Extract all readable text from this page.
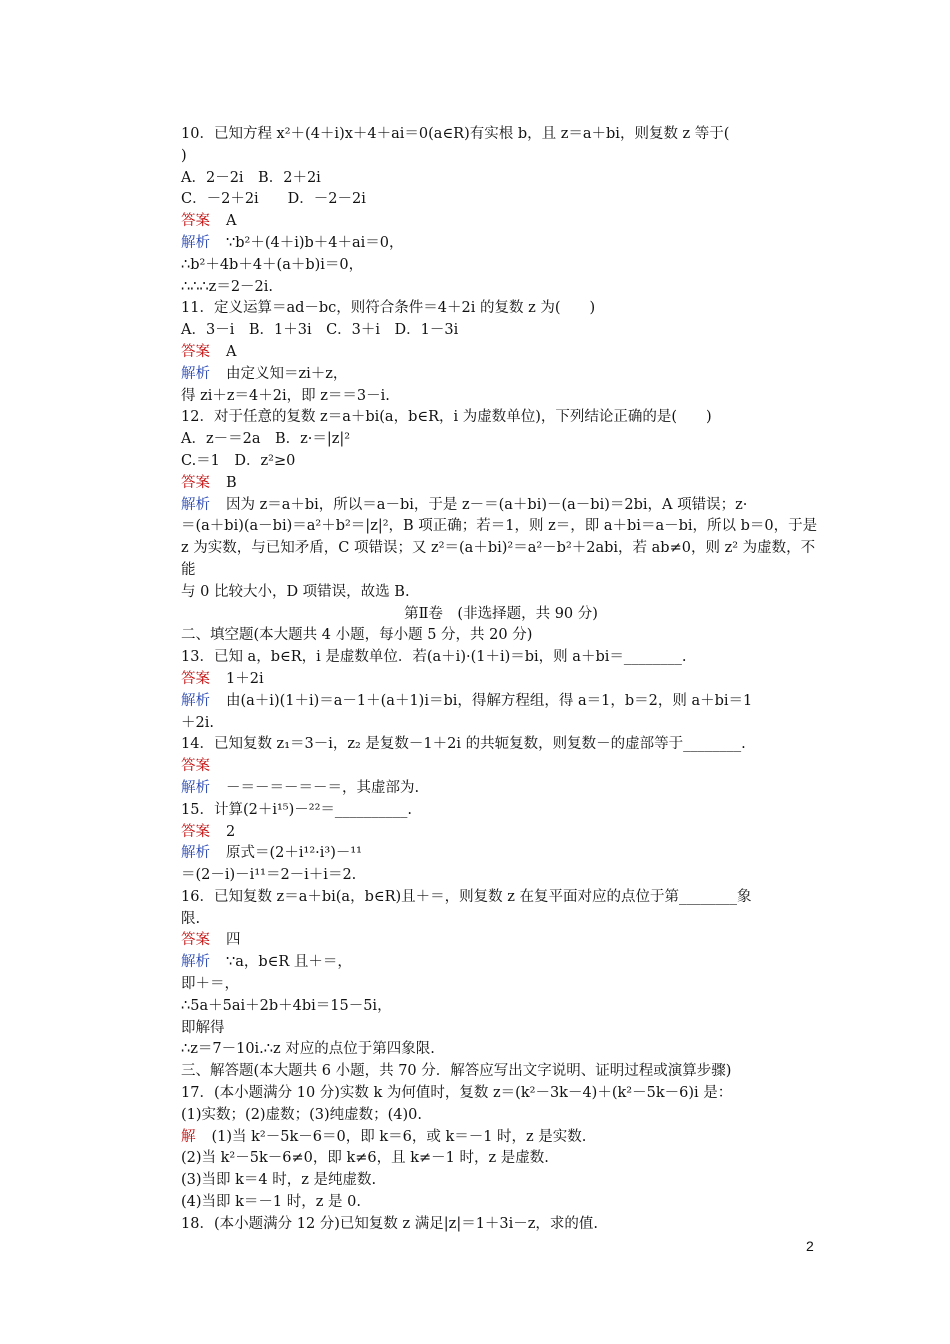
10．已知方程 x²＋(4＋i)x＋4＋ai＝0(a∈R)有实根 b，且 z＝a＋bi，则复数 z 等于(
)
A．2－2i　B．2＋2i
C．－2＋2i　　D．－2－2i
答案 A
解析 ∵b²＋(4＋i)b＋4＋ai＝0，
∴b²＋4b＋4＋(a＋b)i＝0，
∴∴∴z＝2－2i.
11．定义运算＝ad－bc，则符合条件＝4＋2i 的复数 z 为(　　)
A．3－i　B．1＋3i　C．3＋i　D．1－3i
答案 A
解析 由定义知＝zi＋z，
得 zi＋z＝4＋2i，即 z＝＝3－i.
12．对于任意的复数 z＝a＋bi(a，b∈R，i 为虚数单位)，下列结论正确的是(　　)
A．z－＝2a　B．z·＝|z|²
C.＝1　D．z²≥0
答案 B
解析 因为 z＝a＋bi，所以＝a－bi，于是 z－＝(a＋bi)－(a－bi)＝2bi，A 项错误；z·
＝(a＋bi)(a－bi)＝a²＋b²＝|z|²，B 项正确；若＝1，则 z＝，即 a＋bi＝a－bi，所以 b＝0，于是
z 为实数，与已知矛盾，C 项错误；又 z²＝(a＋bi)²＝a²－b²＋2abi，若 ab≠0，则 z² 为虚数，不能
与 0 比较大小，D 项错误，故选 B.
第Ⅱ卷　(非选择题，共 90 分)
二、填空题(本大题共 4 小题，每小题 5 分，共 20 分)
13．已知 a，b∈R，i 是虚数单位．若(a＋i)·(1＋i)＝bi，则 a＋bi＝________.
答案 1＋2i
解析 由(a＋i)(1＋i)＝a－1＋(a＋1)i＝bi，得解方程组，得 a＝1，b＝2，则 a＋bi＝1
＋2i.
14．已知复数 z₁＝3－i，z₂ 是复数－1＋2i 的共轭复数，则复数－的虚部等于________.
答案
解析 －＝－＝－＝－＝，其虚部为.
15．计算(2＋i¹⁵)－²²＝__________.
答案 2
解析 原式＝(2＋i¹²·i³)－¹¹
＝(2－i)－i¹¹＝2－i＋i＝2.
16．已知复数 z＝a＋bi(a，b∈R)且＋＝，则复数 z 在复平面对应的点位于第________象
限.
答案 四
解析 ∵a，b∈R 且＋＝，
即＋＝，
∴5a＋5ai＋2b＋4bi＝15－5i，
即解得
∴z＝7－10i.∴z 对应的点位于第四象限.
三、解答题(本大题共 6 小题，共 70 分．解答应写出文字说明、证明过程或演算步骤)
17．(本小题满分 10 分)实数 k 为何值时，复数 z＝(k²－3k－4)＋(k²－5k－6)i 是：
(1)实数；(2)虚数；(3)纯虚数；(4)0.
解 (1)当 k²－5k－6＝0，即 k＝6，或 k＝－1 时，z 是实数.
(2)当 k²－5k－6≠0，即 k≠6，且 k≠－1 时，z 是虚数.
(3)当即 k＝4 时，z 是纯虚数.
(4)当即 k＝－1 时，z 是 0.
18．(本小题满分 12 分)已知复数 z 满足|z|＝1＋3i－z，求的值.
2
